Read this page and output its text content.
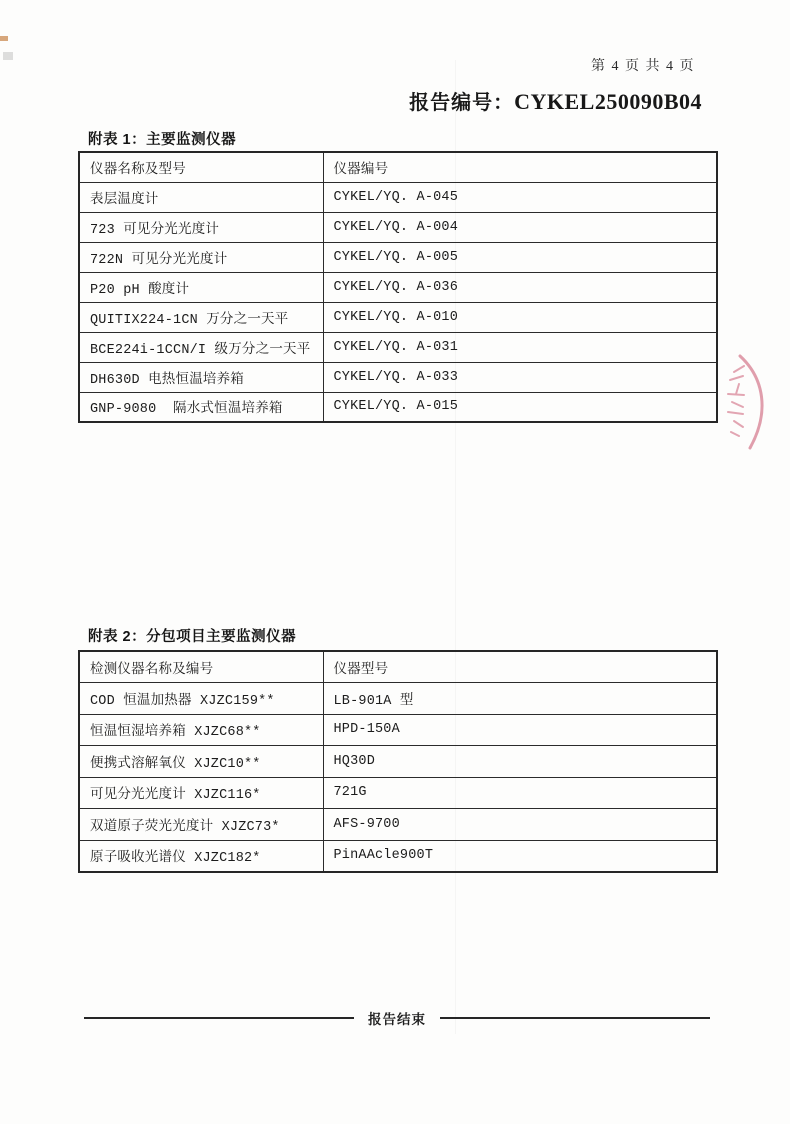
第 4 页 共 4 页
报告编号：CYKEL250090B04
附表 1：主要监测仪器
仪器名称及型号	仪器编号
表层温度计	CYKEL/YQ. A-045
723 可见分光光度计	CYKEL/YQ. A-004
722N 可见分光光度计	CYKEL/YQ. A-005
P20 pH 酸度计	CYKEL/YQ. A-036
QUITIX224-1CN 万分之一天平	CYKEL/YQ. A-010
BCE224i-1CCN/I 级万分之一天平	CYKEL/YQ. A-031
DH630D 电热恒温培养箱	CYKEL/YQ. A-033
GNP-9080  隔水式恒温培养箱	CYKEL/YQ. A-015
附表 2：分包项目主要监测仪器
检测仪器名称及编号	仪器型号
COD 恒温加热器 XJZC159**	LB-901A 型
恒温恒湿培养箱 XJZC68**	HPD-150A
便携式溶解氧仪 XJZC10**	HQ30D
可见分光光度计 XJZC116*	721G
双道原子荧光光度计 XJZC73*	AFS-9700
原子吸收光谱仪 XJZC182*	PinAAcle900T
报告结束
